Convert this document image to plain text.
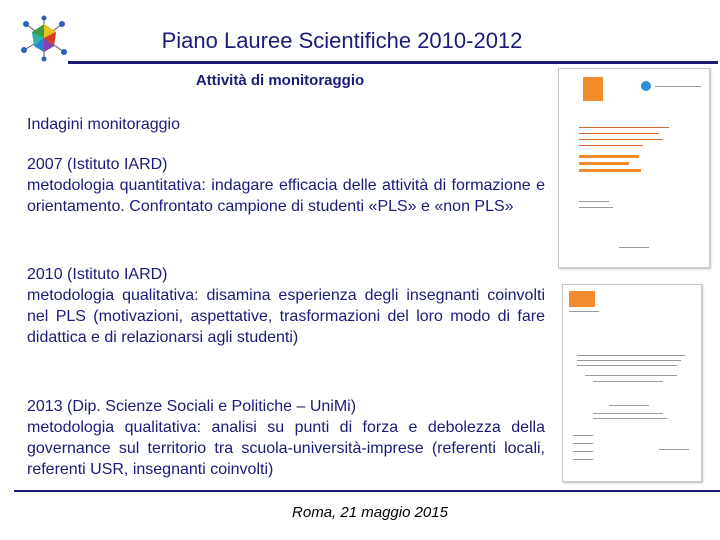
Piano Lauree Scientifiche 2010-2012
Attività di monitoraggio
Indagini monitoraggio
2007 (Istituto IARD)
metodologia quantitativa: indagare efficacia delle attività di formazione e orientamento. Confrontato campione di studenti «PLS» e «non PLS»
2010 (Istituto IARD)
metodologia qualitativa: disamina esperienza degli insegnanti coinvolti nel PLS (motivazioni, aspettative, trasformazioni del loro modo di fare didattica e di relazionarsi agli studenti)
2013 (Dip. Scienze Sociali e Politiche – UniMi)
metodologia qualitativa: analisi su punti di forza e debolezza della governance sul territorio tra scuola-università-imprese (referenti locali, referenti USR, insegnanti coinvolti)
Roma, 21 maggio 2015
